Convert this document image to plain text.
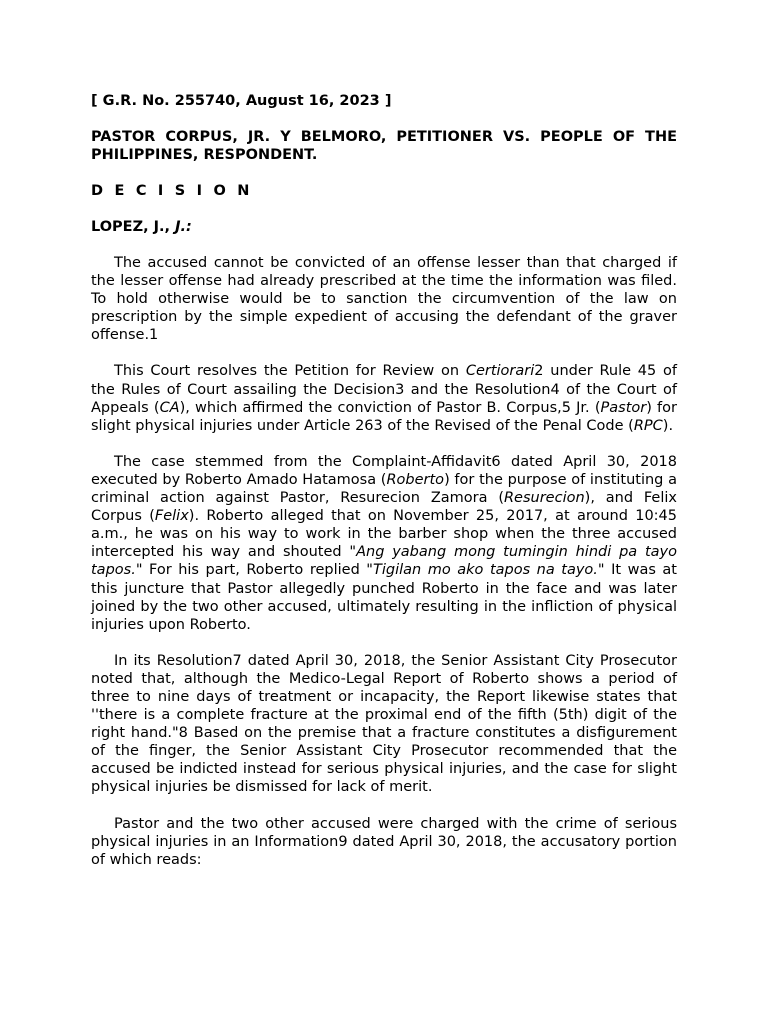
[ G.R. No. 255740, August 16, 2023 ]

PASTOR CORPUS, JR. Y BELMORO, PETITIONER VS. PEOPLE OF THE PHILIPPINES, RESPONDENT.

D E C I S I O N

LOPEZ, J., J.:

The accused cannot be convicted of an offense lesser than that charged if the lesser offense had already prescribed at the time the information was filed. To hold otherwise would be to sanction the circumvention of the law on prescription by the simple expedient of accusing the defendant of the graver offense.1

This Court resolves the Petition for Review on Certiorari2 under Rule 45 of the Rules of Court assailing the Decision3 and the Resolution4 of the Court of Appeals (CA), which affirmed the conviction of Pastor B. Corpus,5 Jr. (Pastor) for slight physical injuries under Article 263 of the Revised of the Penal Code (RPC).

The case stemmed from the Complaint-Affidavit6 dated April 30, 2018 executed by Roberto Amado Hatamosa (Roberto) for the purpose of instituting a criminal action against Pastor, Resurecion Zamora (Resurecion), and Felix Corpus (Felix). Roberto alleged that on November 25, 2017, at around 10:45 a.m., he was on his way to work in the barber shop when the three accused intercepted his way and shouted "Ang yabang mong tumingin hindi pa tayo tapos." For his part, Roberto replied "Tigilan mo ako tapos na tayo." It was at this juncture that Pastor allegedly punched Roberto in the face and was later joined by the two other accused, ultimately resulting in the infliction of physical injuries upon Roberto.

In its Resolution7 dated April 30, 2018, the Senior Assistant City Prosecutor noted that, although the Medico-Legal Report of Roberto shows a period of three to nine days of treatment or incapacity, the Report likewise states that ''there is a complete fracture at the proximal end of the fifth (5th) digit of the right hand."8 Based on the premise that a fracture constitutes a disfigurement of the finger, the Senior Assistant City Prosecutor recommended that the accused be indicted instead for serious physical injuries, and the case for slight physical injuries be dismissed for lack of merit.

Pastor and the two other accused were charged with the crime of serious physical injuries in an Information9 dated April 30, 2018, the accusatory portion of which reads:
